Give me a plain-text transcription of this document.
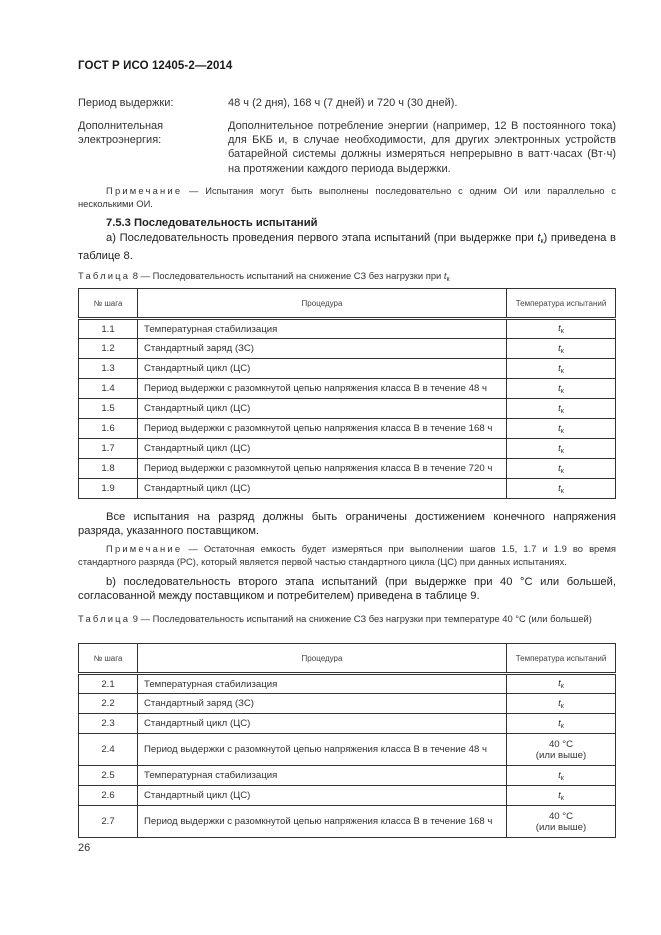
ГОСТ Р ИСО 12405-2—2014
Период выдержки:	48 ч (2 дня), 168 ч (7 дней) и 720 ч (30 дней).
Дополнительная электроэнергия:
Дополнительное потребление энергии (например, 12 В постоянного тока) для БКБ и, в случае необходимости, для других электронных устройств батарейной системы должны измеряться непрерывно в ватт·часах (Вт·ч) на протяжении каждого периода выдержки.
Примечание — Испытания могут быть выполнены последовательно с одним ОИ или параллельно с несколькими ОИ.
7.5.3 Последовательность испытаний
а) Последовательность проведения первого этапа испытаний (при выдержке при $t_к$) приведена в таблице 8.
Таблица 8 — Последовательность испытаний на снижение СЗ без нагрузки при $t_к$
№ шага	Процедура	Температура испытаний
1.1	Температурная стабилизация	$t_к$
1.2	Стандартный заряд (ЗС)	$t_к$
1.3	Стандартный цикл (ЦС)	$t_к$
1.4	Период выдержки с разомкнутой цепью напряжения класса В в течение 48 ч	$t_к$
1.5	Стандартный цикл (ЦС)	$t_к$
1.6	Период выдержки с разомкнутой цепью напряжения класса В в течение 168 ч	$t_к$
1.7	Стандартный цикл (ЦС)	$t_к$
1.8	Период выдержки с разомкнутой цепью напряжения класса В в течение 720 ч	$t_к$
1.9	Стандартный цикл (ЦС)	$t_к$
Все испытания на разряд должны быть ограничены достижением конечного напряжения разряда, указанного поставщиком.
Примечание — Остаточная емкость будет измеряться при выполнении шагов 1.5, 1.7 и 1.9 во время стандартного разряда (РС), который является первой частью стандартного цикла (ЦС) при данных испытаниях.
b) последовательность второго этапа испытаний (при выдержке при 40 °С или большей, согласованной между поставщиком и потребителем) приведена в таблице 9.
Таблица 9 — Последовательность испытаний на снижение СЗ без нагрузки при температуре 40 °С (или большей)
№ шага	Процедура	Температура испытаний
2.1	Температурная стабилизация	$t_к$
2.2	Стандартный заряд (ЗС)	$t_к$
2.3	Стандартный цикл (ЦС)	$t_к$
2.4	Период выдержки с разомкнутой цепью напряжения класса В в течение 48 ч	40 °С
(или выше)

2.5	Температурная стабилизация	$t_к$
2.6	Стандартный цикл (ЦС)	$t_к$
2.7	Период выдержки с разомкнутой цепью напряжения класса В в течение 168 ч	40 °С
(или выше)
26
